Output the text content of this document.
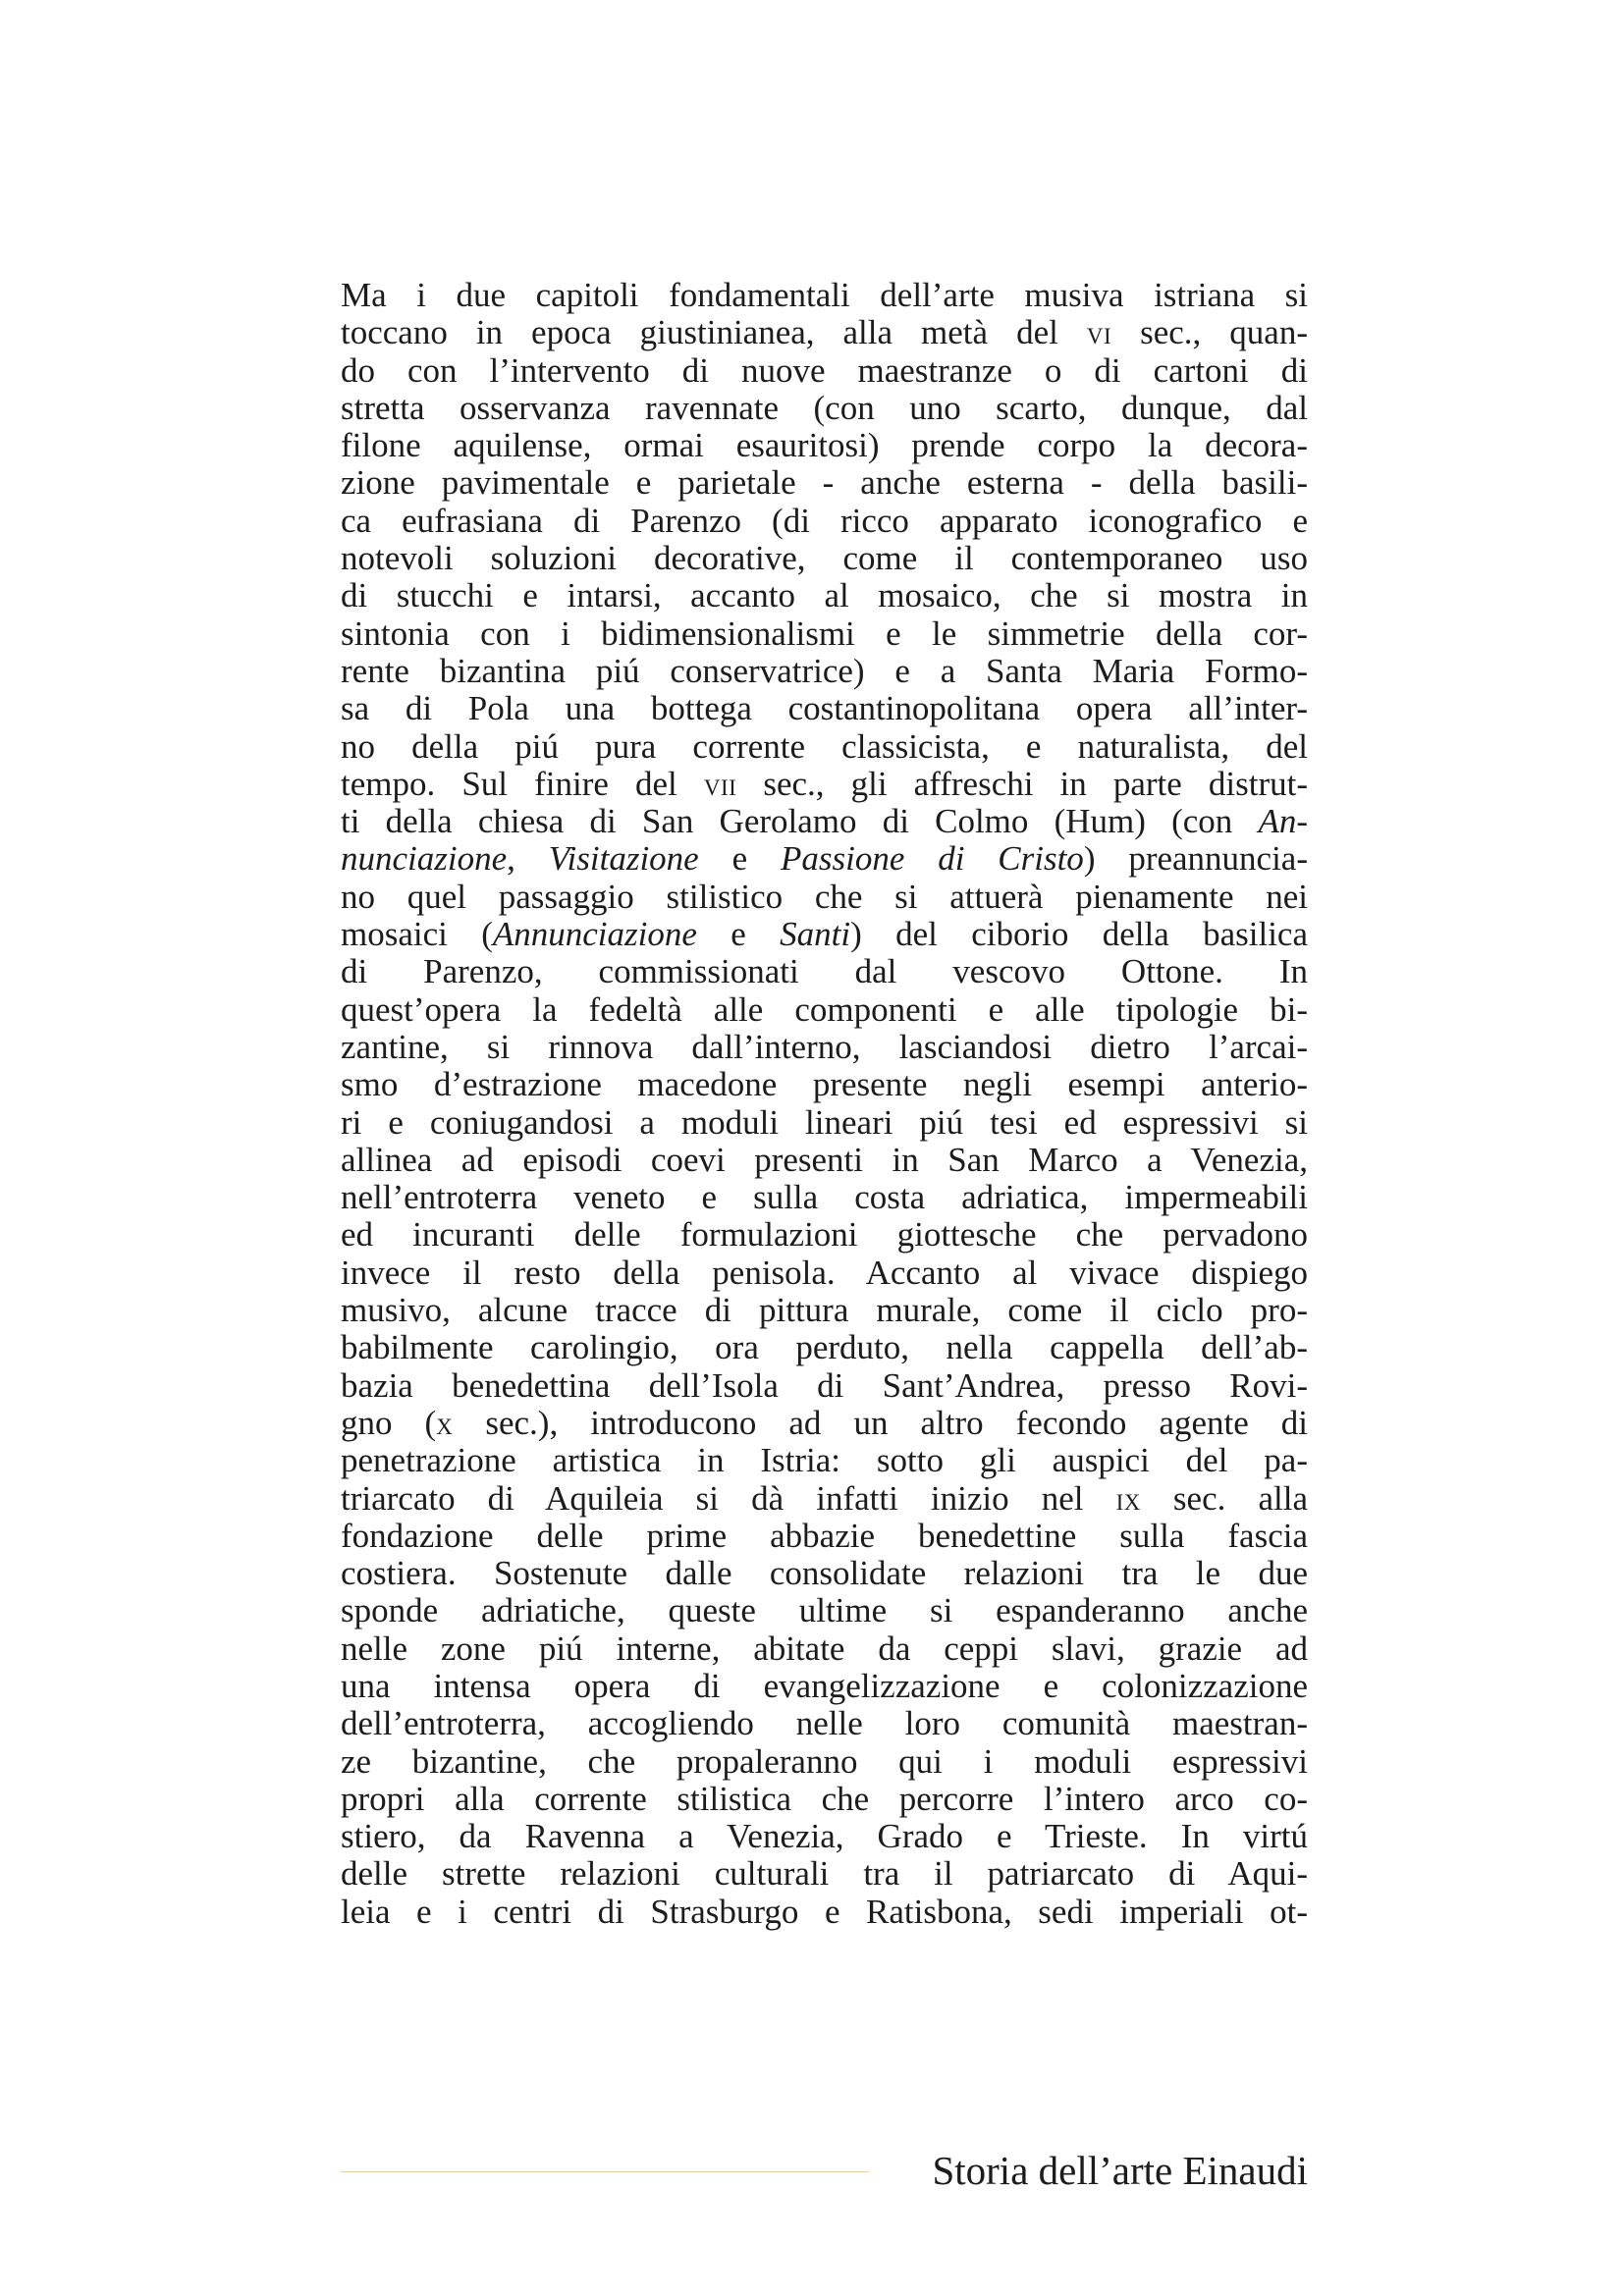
Ma i due capitoli fondamentali dell’arte musiva istriana si
toccano in epoca giustinianea, alla metà del vi sec., quan-
do con l’intervento di nuove maestranze o di cartoni di
stretta osservanza ravennate (con uno scarto, dunque, dal
filone aquilense, ormai esauritosi) prende corpo la decora-
zione pavimentale e parietale - anche esterna - della basili-
ca eufrasiana di Parenzo (di ricco apparato iconografico e
notevoli soluzioni decorative, come il contemporaneo uso
di stucchi e intarsi, accanto al mosaico, che si mostra in
sintonia con i bidimensionalismi e le simmetrie della cor-
rente bizantina piú conservatrice) e a Santa Maria Formo-
sa di Pola una bottega costantinopolitana opera all’inter-
no della piú pura corrente classicista, e naturalista, del
tempo. Sul finire del vii sec., gli affreschi in parte distrut-
ti della chiesa di San Gerolamo di Colmo (Hum) (con An-
nunciazione, Visitazione e Passione di Cristo) preannuncia-
no quel passaggio stilistico che si attuerà pienamente nei
mosaici (Annunciazione e Santi) del ciborio della basilica
di Parenzo, commissionati dal vescovo Ottone. In
quest’opera la fedeltà alle componenti e alle tipologie bi-
zantine, si rinnova dall’interno, lasciandosi dietro l’arcai-
smo d’estrazione macedone presente negli esempi anterio-
ri e coniugandosi a moduli lineari piú tesi ed espressivi si
allinea ad episodi coevi presenti in San Marco a Venezia,
nell’entroterra veneto e sulla costa adriatica, impermeabili
ed incuranti delle formulazioni giottesche che pervadono
invece il resto della penisola. Accanto al vivace dispiego
musivo, alcune tracce di pittura murale, come il ciclo pro-
babilmente carolingio, ora perduto, nella cappella dell’ab-
bazia benedettina dell’Isola di Sant’Andrea, presso Rovi-
gno (x sec.), introducono ad un altro fecondo agente di
penetrazione artistica in Istria: sotto gli auspici del pa-
triarcato di Aquileia si dà infatti inizio nel ix sec. alla
fondazione delle prime abbazie benedettine sulla fascia
costiera. Sostenute dalle consolidate relazioni tra le due
sponde adriatiche, queste ultime si espanderanno anche
nelle zone piú interne, abitate da ceppi slavi, grazie ad
una intensa opera di evangelizzazione e colonizzazione
dell’entroterra, accogliendo nelle loro comunità maestran-
ze bizantine, che propaleranno qui i moduli espressivi
propri alla corrente stilistica che percorre l’intero arco co-
stiero, da Ravenna a Venezia, Grado e Trieste. In virtú
delle strette relazioni culturali tra il patriarcato di Aqui-
leia e i centri di Strasburgo e Ratisbona, sedi imperiali ot-
Storia dell’arte Einaudi
